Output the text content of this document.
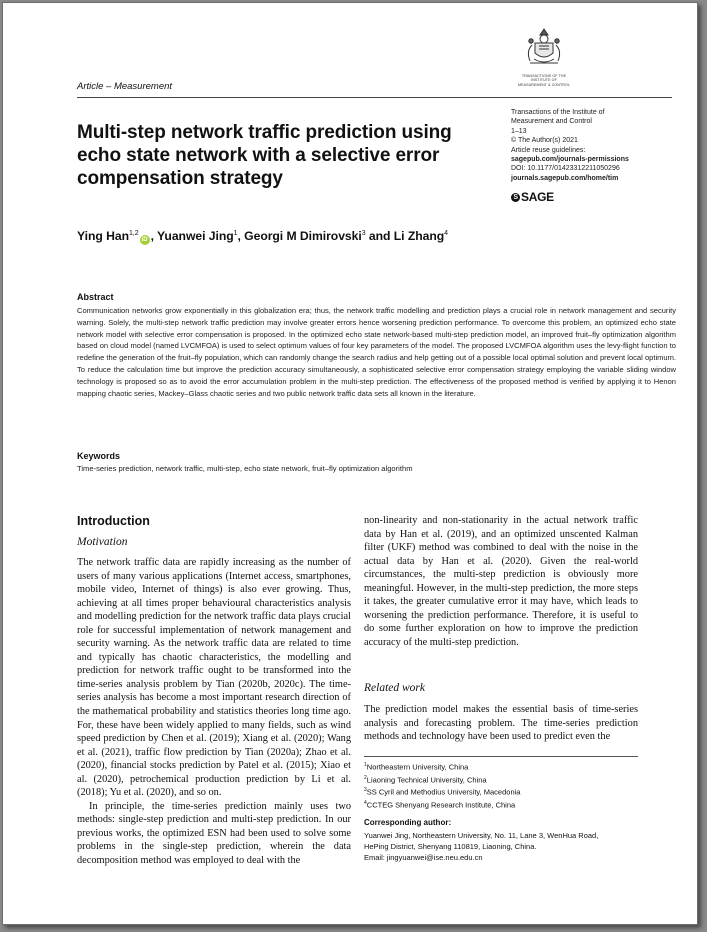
TRANSACTIONS OF THE
INSTITUTE OF
MEASUREMENT & CONTROL
Article – Measurement
Multi-step network traffic prediction using echo state network with a selective error compensation strategy
Transactions of the Institute of
Measurement and Control
1–13
© The Author(s) 2021
Article reuse guidelines:
sagepub.com/journals-permissions
DOI: 10.1177/01423312211050296
journals.sagepub.com/home/tim
S SAGE
Ying Han$^{1,2}$iD , Yuanwei Jing$^1$, Georgi M Dimirovski$^3$ and Li Zhang$^4$
Abstract
Communication networks grow exponentially in this globalization era; thus, the network traffic modelling and prediction plays a crucial role in network management and security warning. Solely, the multi-step network traffic prediction may involve greater errors hence worsening prediction performance. To overcome this problem, an optimized echo state network model with selective error compensation is proposed. In the optimized echo state network-based multi-step prediction model, an improved fruit–fly optimization algorithm based on cloud model (named LVCMFOA) is used to select optimum values of four key parameters of the model. The proposed LVCMFOA algorithm uses the levy-flight function to redefine the generation of the fruit–fly population, which can randomly change the search radius and help getting out of a possible local optimal solution and prevent local optimum. To reduce the calculation time but improve the prediction accuracy simultaneously, a sophisticated selective error compensation strategy employing the variable sliding window technology is proposed so as to avoid the error accumulation problem in the multi-step prediction. The effectiveness of the proposed method is verified by applying it to Henon mapping chaotic series, Mackey–Glass chaotic series and two public network traffic data sets all known in the literature.
Keywords
Time-series prediction, network traffic, multi-step, echo state network, fruit–fly optimization algorithm
Introduction
Motivation

The network traffic data are rapidly increasing as the number of users of many various applications (Internet access, smartphones, mobile video, Internet of things) is also ever growing. Thus, achieving at all times proper behavioural characteristics analysis and modelling prediction for the network traffic data plays crucial role for successful implementation of network management and security warning. As the network traffic data are related to time and typically has chaotic characteristics, the modelling and prediction for network traffic ought to be transformed into the time-series analysis problem by Tian (2020b, 2020c). The time-series analysis has become a most important research direction of the mathematical probability and statistics theories long time ago. For, these have been widely applied to many fields, such as wind speed prediction by Chen et al. (2019); Xiang et al. (2020); Wang et al. (2021), traffic flow prediction by Tian (2020a); Zhao et al. (2020), financial stocks prediction by Patel et al. (2015); Xiao et al. (2020), petrochemical production prediction by Li et al. (2018); Yu et al. (2020), and so on.

In principle, the time-series prediction mainly uses two methods: single-step prediction and multi-step prediction. In our previous works, the optimized ESN had been used to solve some problems in the single-step prediction, wherein the data decomposition method was employed to deal with the

non-linearity and non-stationarity in the actual network traffic data by Han et al. (2019), and an optimized unscented Kalman filter (UKF) method was combined to deal with the noise in the actual data by Han et al. (2020). Given the real-world circumstances, the multi-step prediction is obviously more meaningful. However, in the multi-step prediction, the more steps it takes, the greater cumulative error it may have, which leads to worsening the prediction performance. Therefore, it is useful to do some further exploration on how to improve the prediction accuracy of the multi-step prediction.

Related work

The prediction model makes the essential basis of time-series analysis and forecasting problem. The time-series prediction methods and technology have been used to predict even the

$^1$Northeastern University, China
$^2$Liaoning Technical University, China
$^3$SS Cyril and Methodius University, Macedonia
$^4$CCTEG Shenyang Research Institute, China
Corresponding author:
Yuanwei Jing, Northeastern University, No. 11, Lane 3, WenHua Road,
HePing District, Shenyang 110819, Liaoning, China.
Email: jingyuanwei@ise.neu.edu.cn
